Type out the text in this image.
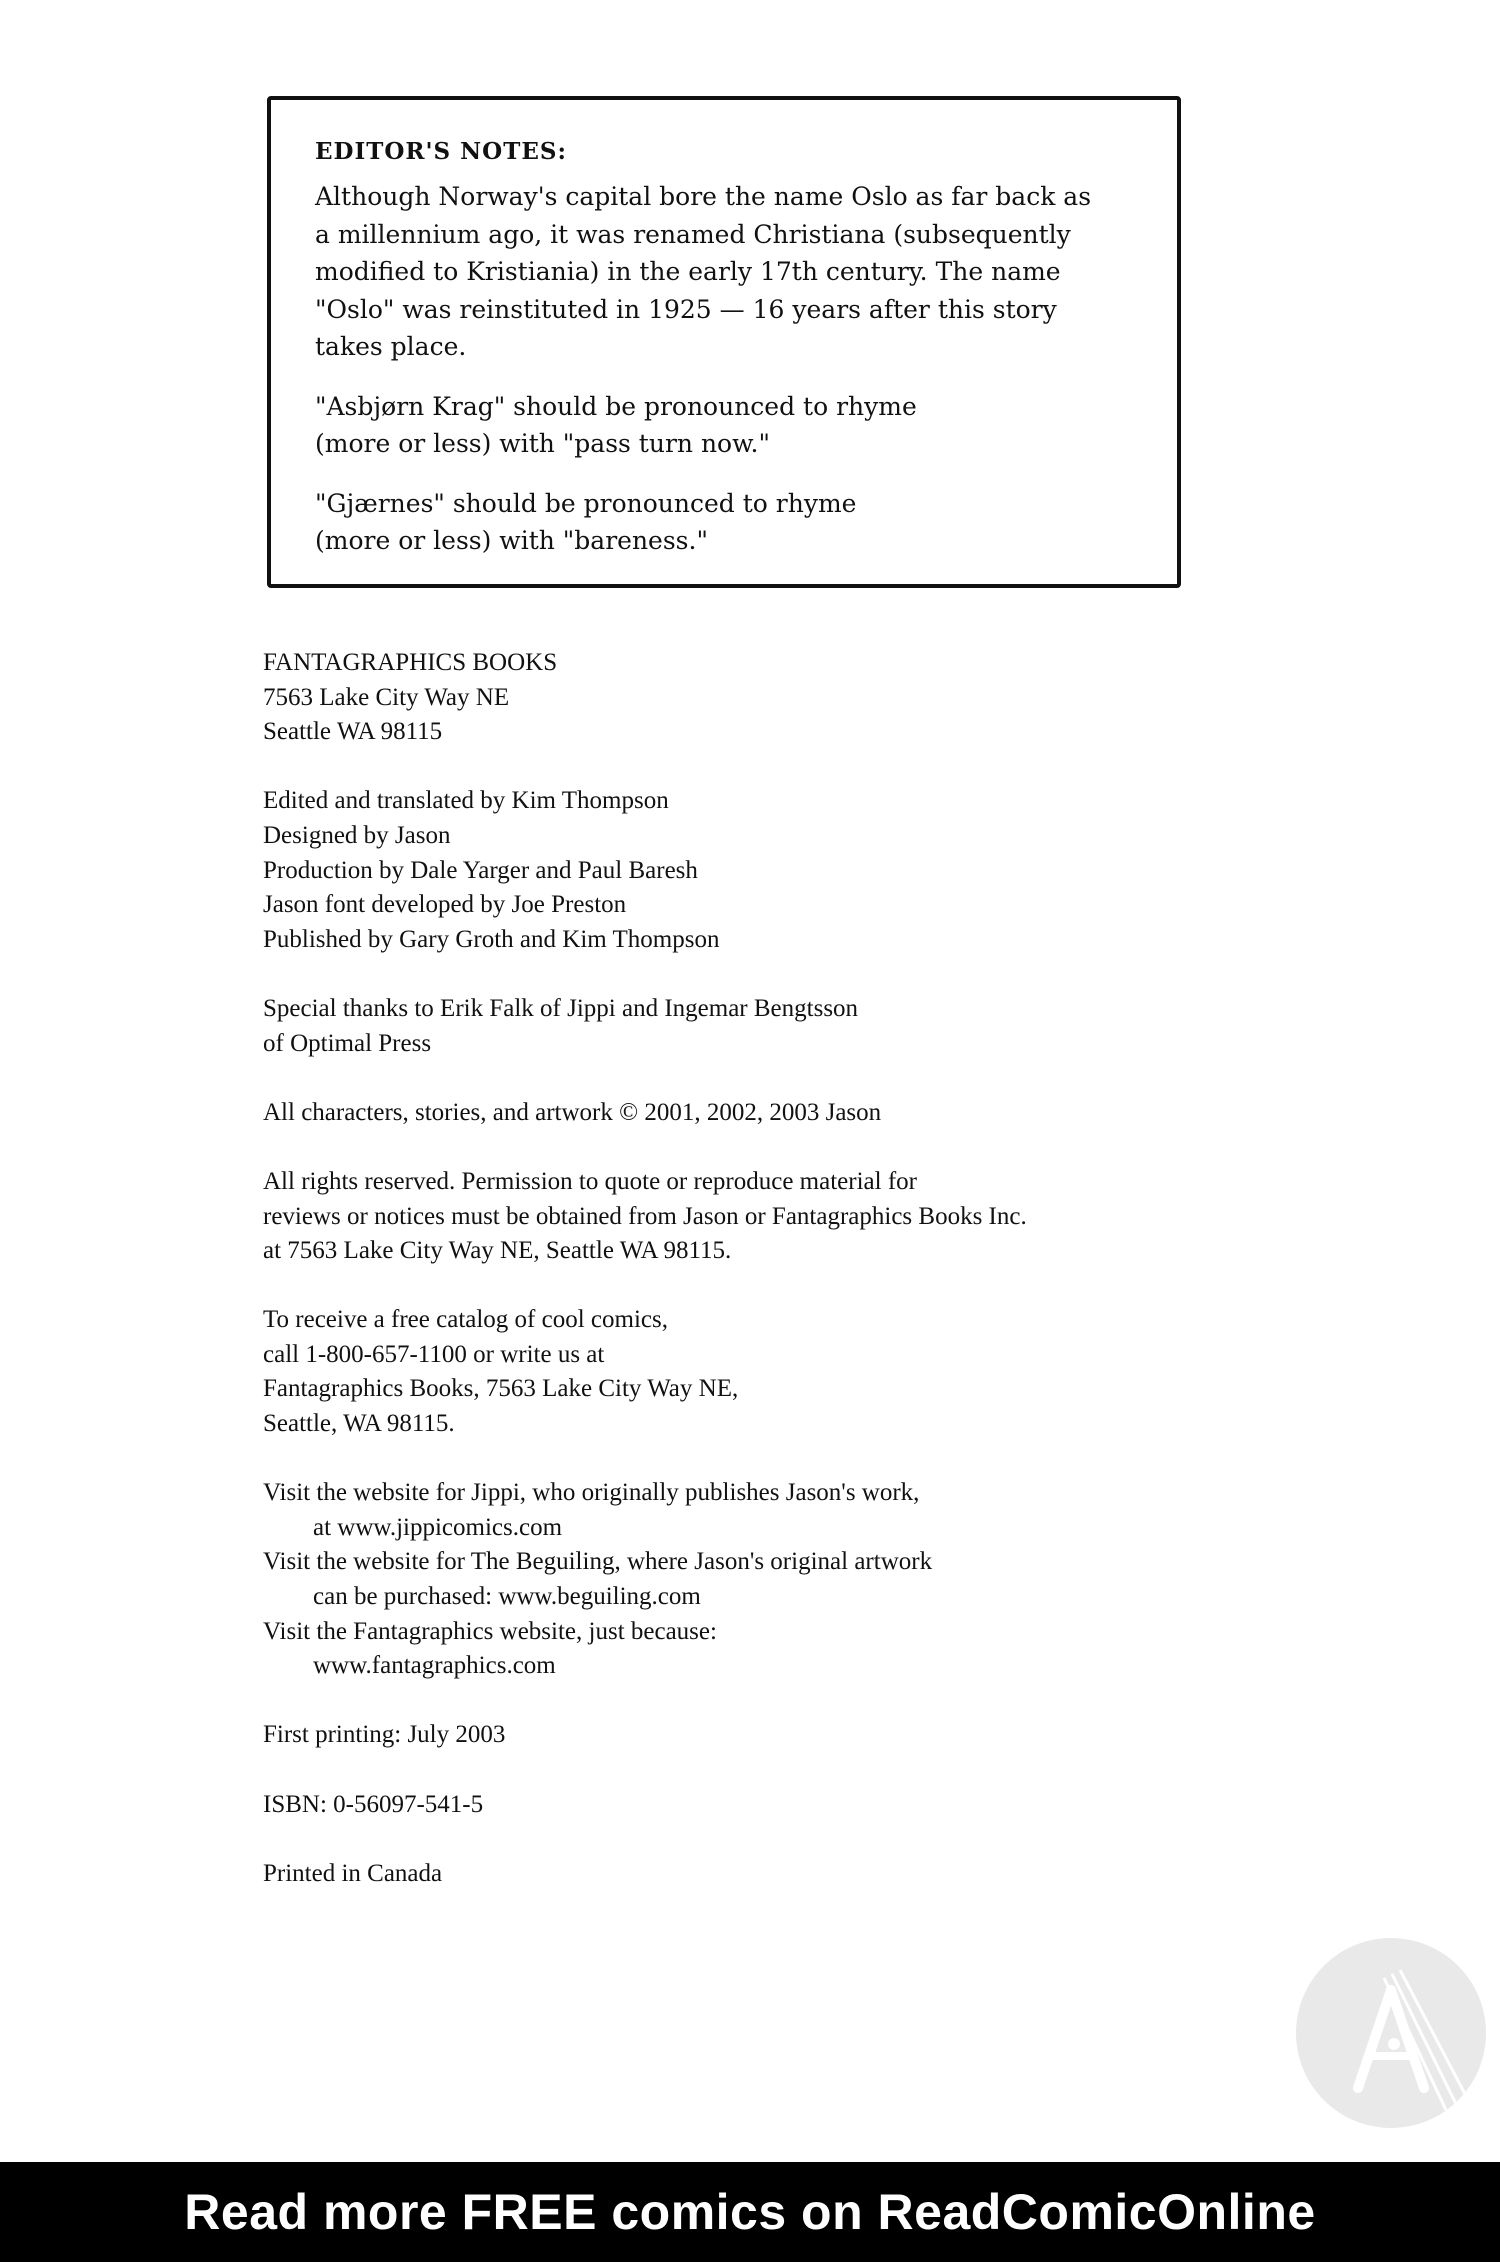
EDITOR'S NOTES:
Although Norway's capital bore the name Oslo as far back as
a millennium ago, it was renamed Christiana (subsequently
modified to Kristiania) in the early 17th century. The name
"Oslo" was reinstituted in 1925 — 16 years after this story
takes place.
"Asbjørn Krag" should be pronounced to rhyme
(more or less) with "pass turn now."
"Gjærnes" should be pronounced to rhyme
(more or less) with "bareness."
FANTAGRAPHICS BOOKS
7563 Lake City Way NE
Seattle WA 98115
Edited and translated by Kim Thompson
Designed by Jason
Production by Dale Yarger and Paul Baresh
Jason font developed by Joe Preston
Published by Gary Groth and Kim Thompson
Special thanks to Erik Falk of Jippi and Ingemar Bengtsson
of Optimal Press
All characters, stories, and artwork © 2001, 2002, 2003 Jason
All rights reserved. Permission to quote or reproduce material for
reviews or notices must be obtained from Jason or Fantagraphics Books Inc.
at 7563 Lake City Way NE, Seattle WA 98115.
To receive a free catalog of cool comics,
call 1-800-657-1100 or write us at
Fantagraphics Books, 7563 Lake City Way NE,
Seattle, WA 98115.
Visit the website for Jippi, who originally publishes Jason's work,
at www.jippicomics.com
Visit the website for The Beguiling, where Jason's original artwork
can be purchased: www.beguiling.com
Visit the Fantagraphics website, just because:
www.fantagraphics.com
First printing: July 2003
ISBN: 0-56097-541-5
Printed in Canada
Read more FREE comics on ReadComicOnline
